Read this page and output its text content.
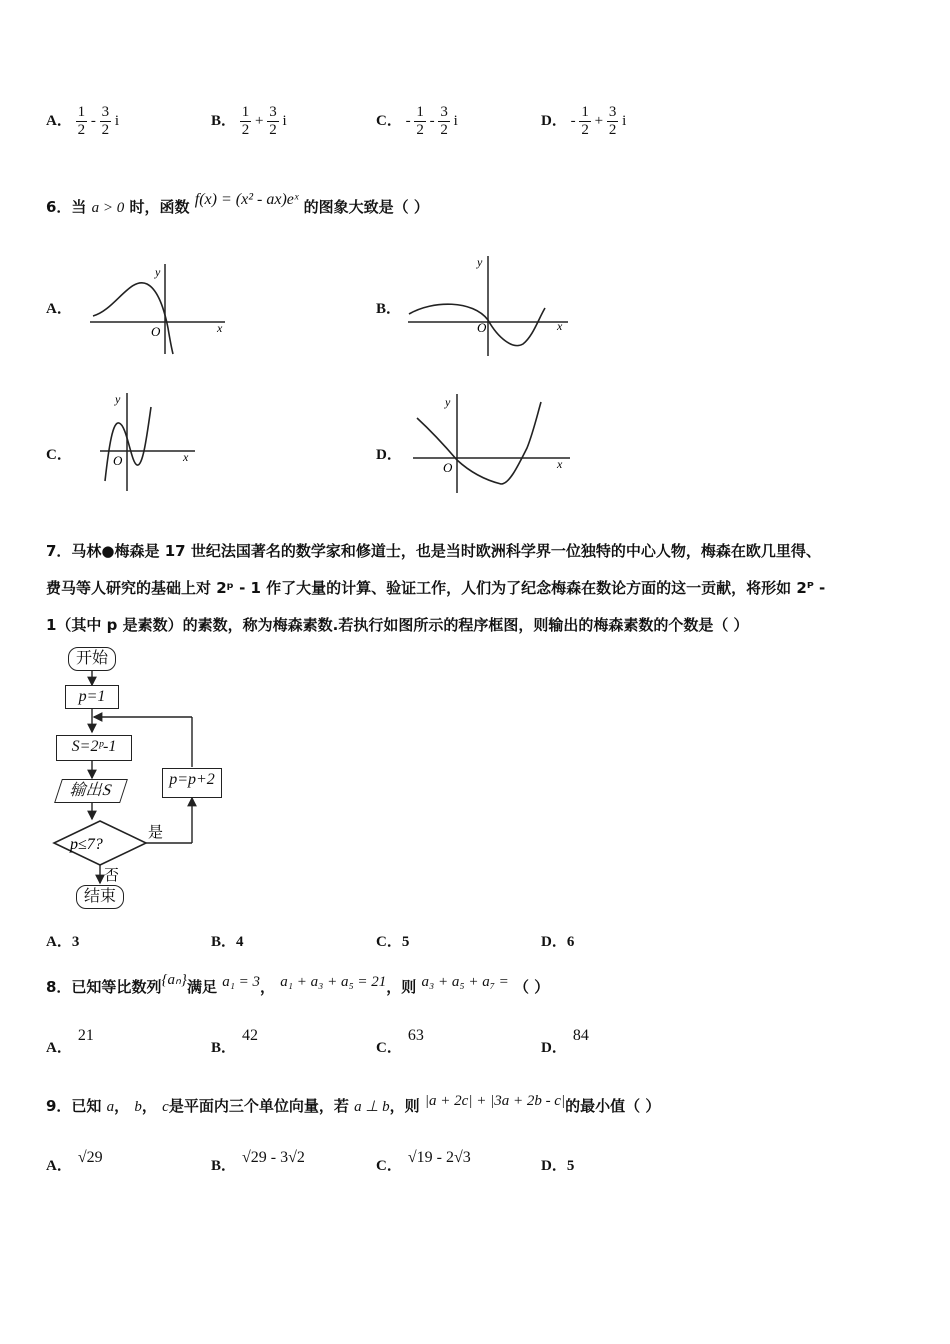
A． $\frac{1}{2} - \frac{3}{2}$ i	B． $\frac{1}{2} + \frac{3}{2}$ i	C． - $\frac{1}{2} - \frac{3}{2}$ i	D． - $\frac{1}{2} + \frac{3}{2}$ i
6．当 a > 0 时，函数 f(x) = (x² - ax)eˣ 的图象大致是（ ）
A．
y
x
O
B．
y
x
O
C．
y
x
O	D．
y
x
O
7．马林●梅森是 17 世纪法国著名的数学家和修道士，也是当时欧洲科学界一位独特的中心人物，梅森在欧几里得、
费马等人研究的基础上对 2ᵖ - 1 作了大量的计算、验证工作，人们为了纪念梅森在数论方面的这一贡献，将形如 2ᴾ -
1（其中 p 是素数）的素数，称为梅森素数.若执行如图所示的程序框图，则输出的梅森素数的个数是（ ）
是
否
p≤7?
开始
p=1
S=2ᵖ-1
输出S
p=p+2
结束
A．3	B．4	C．5	D．6
8．已知等比数列{aₙ}满足 a₁ = 3， a₁ + a₃ + a₅ = 21，则 a₃ + a₅ + a₇ = （ ）
A．21
B．42
C．63
D．84
9．已知 a， b， c是平面内三个单位向量，若 a ⊥ b，则 |a + 2c| + |3a + 2b - c|的最小值（ ）
A． √29	B． √29 - 3√2	C． √19 - 2√3	D．5
